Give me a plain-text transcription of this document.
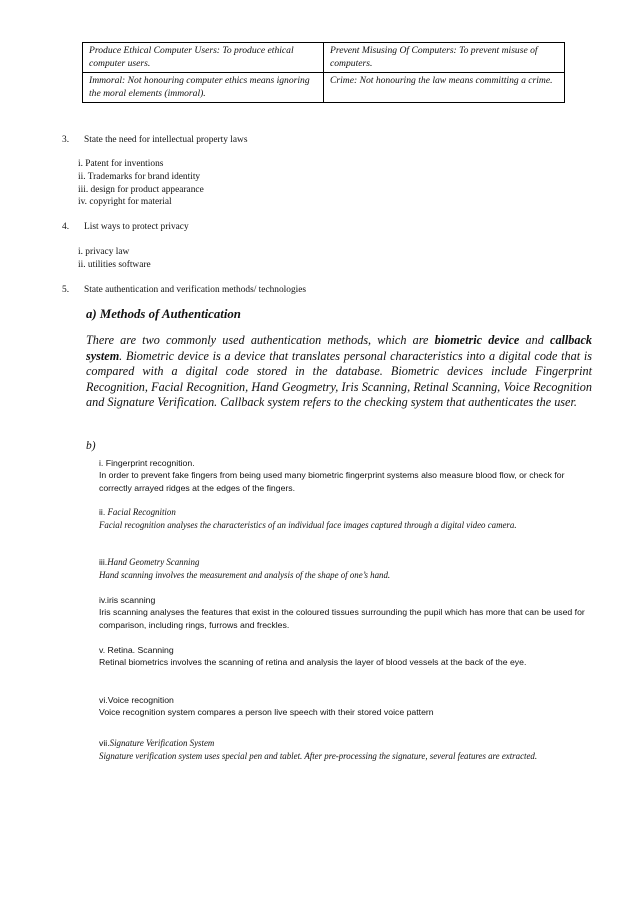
Produce Ethical Computer Users: To produce ethical computer users.	Prevent Misusing Of Computers: To prevent misuse of computers.
Immoral: Not honouring computer ethics means ignoring the moral elements (immoral).	Crime: Not honouring the law means committing a crime.
3. State the need for intellectual property laws
i. Patent for inventions
ii. Trademarks for brand identity
iii. design for product appearance
iv. copyright for material
4. List ways to protect privacy
i. privacy law
ii. utilities software
5. State authentication and verification methods/ technologies
a) Methods of Authentication
There are two commonly used authentication methods, which are biometric device and callback system. Biometric device is a device that translates personal characteristics into a digital code that is compared with a digital code stored in the database. Biometric devices include Fingerprint Recognition, Facial Recognition, Hand Geogmetry, Iris Scanning, Retinal Scanning, Voice Recognition and Signature Verification. Callback system refers to the checking system that authenticates the user.
b)
i. Fingerprint recognition.
In order to prevent fake fingers from being used many biometric fingerprint systems also measure blood flow, or check for correctly arrayed ridges at the edges of the fingers.
ii. Facial Recognition
Facial recognition analyses the characteristics of an individual face images captured through a digital video camera.
iii.Hand Geometry Scanning
Hand scanning involves the measurement and analysis of the shape of one’s hand.
iv.iris scanning
Iris scanning analyses the features that exist in the coloured tissues surrounding the pupil which has more that can be used for comparison, including rings, furrows and freckles.
v. Retina. Scanning
Retinal biometrics involves the scanning of retina and analysis the layer of blood vessels at the back of the eye.
vi.Voice recognition
Voice recognition system compares a person live speech with their stored voice pattern
vii.Signature Verification System
Signature verification system uses special pen and tablet. After pre-processing the signature, several features are extracted.
